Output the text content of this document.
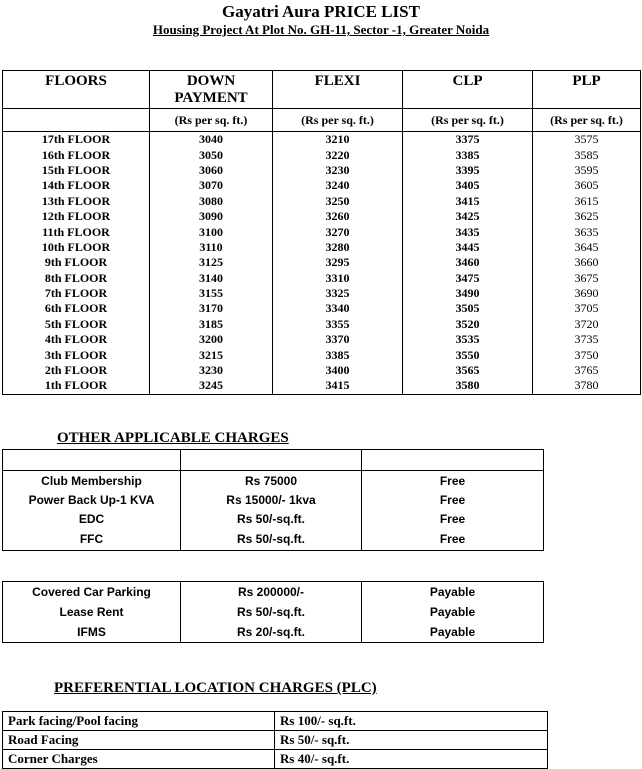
Gayatri Aura PRICE LIST
Housing Project At Plot No. GH-11, Sector -1, Greater Noida
FLOORS	DOWN PAYMENT	FLEXI	CLP	PLP
	(Rs per sq. ft.)	(Rs per sq. ft.)	(Rs per sq. ft.)	(Rs per sq. ft.)
17th FLOOR	3040	3210	3375	3575
16th FLOOR	3050	3220	3385	3585
15th FLOOR	3060	3230	3395	3595
14th FLOOR	3070	3240	3405	3605
13th FLOOR	3080	3250	3415	3615
12th FLOOR	3090	3260	3425	3625
11th FLOOR	3100	3270	3435	3635
10th FLOOR	3110	3280	3445	3645
9th FLOOR	3125	3295	3460	3660
8th FLOOR	3140	3310	3475	3675
7th FLOOR	3155	3325	3490	3690
6th FLOOR	3170	3340	3505	3705
5th FLOOR	3185	3355	3520	3720
4th FLOOR	3200	3370	3535	3735
3th FLOOR	3215	3385	3550	3750
2th FLOOR	3230	3400	3565	3765
1th FLOOR	3245	3415	3580	3780
OTHER APPLICABLE CHARGES

Club Membership	Rs 75000	Free
Power Back Up-1 KVA	Rs 15000/- 1kva	Free
EDC	Rs 50/-sq.ft.	Free
FFC	Rs 50/-sq.ft.	Free
Covered Car Parking	Rs 200000/-	Payable
Lease Rent	Rs 50/-sq.ft.	Payable
IFMS	Rs 20/-sq.ft.	Payable
PREFERENTIAL LOCATION CHARGES (PLC)
Park facing/Pool facing	Rs 100/- sq.ft.
Road Facing	Rs 50/- sq.ft.
Corner Charges	Rs 40/- sq.ft.
